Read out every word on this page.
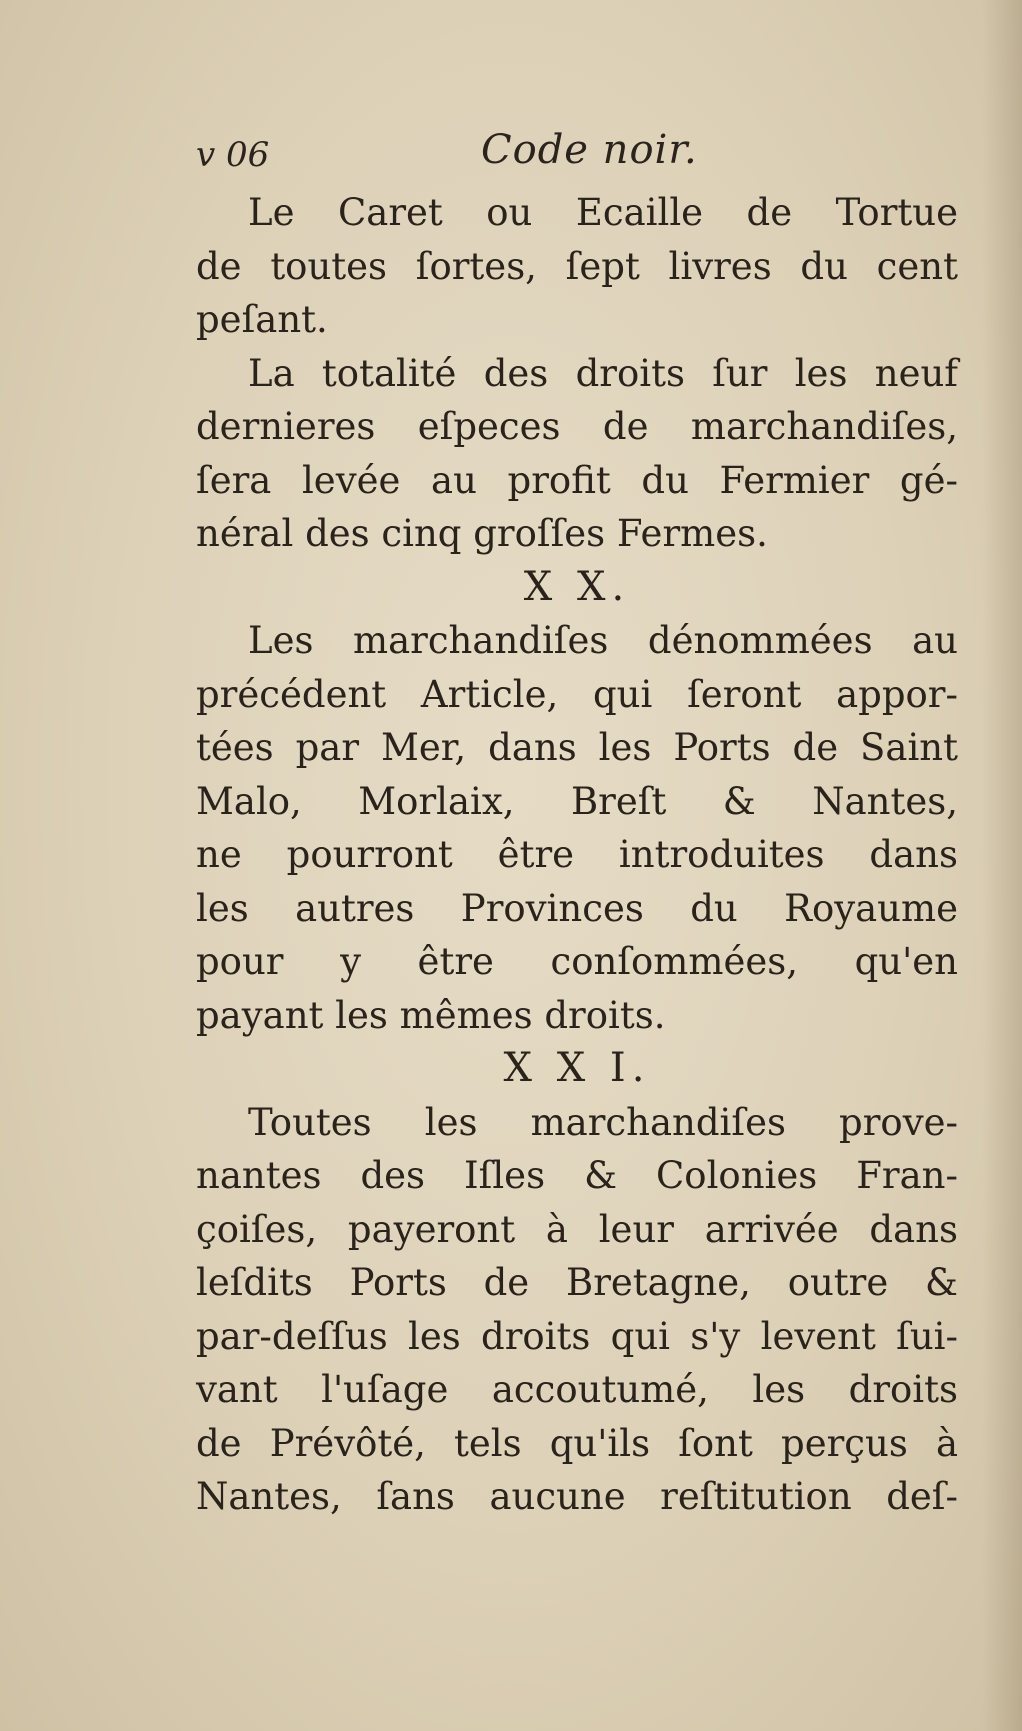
v 06	Code noir.
Le Caret ou Ecaille de Tortue
de toutes ſortes, ſept livres du cent
peſant.
La totalité des droits ſur les neuf
dernieres eſpeces de marchandiſes,
ſera levée au profit du Fermier gé-
néral des cinq groſſes Fermes.
X X.
Les marchandiſes dénommées au
précédent Article, qui ſeront appor-
tées par Mer, dans les Ports de Saint
Malo, Morlaix, Breſt & Nantes,
ne pourront être introduites dans
les autres Provinces du Royaume
pour y être conſommées, qu'en
payant les mêmes droits.
X X I.
Toutes les marchandiſes prove-
nantes des Iſles & Colonies Fran-
çoiſes, payeront à leur arrivée dans
leſdits Ports de Bretagne, outre &
par-deſſus les droits qui s'y levent ſui-
vant l'uſage accoutumé, les droits
de Prévôté, tels qu'ils ſont perçus à
Nantes, ſans aucune reſtitution deſ-
